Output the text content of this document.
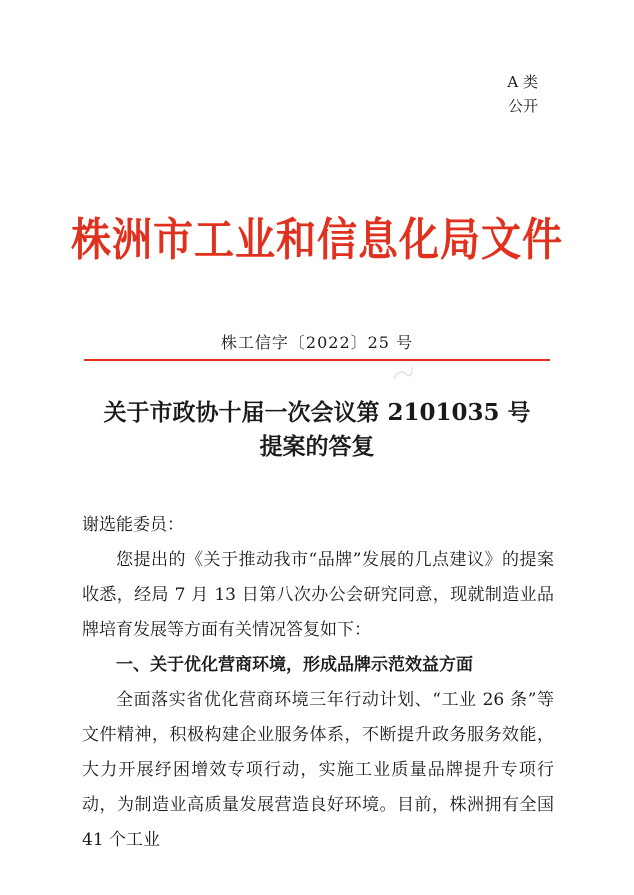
A 类
公开
株洲市工业和信息化局文件
株工信字〔2022〕25 号
关于市政协十届一次会议第 2101035 号
提案的答复

谢选能委员：

您提出的《关于推动我市“品牌”发展的几点建议》的提案收悉，经局 7 月 13 日第八次办公会研究同意，现就制造业品牌培育发展等方面有关情况答复如下：

一、关于优化营商环境，形成品牌示范效益方面

全面落实省优化营商环境三年行动计划、“工业 26 条”等文件精神，积极构建企业服务体系，不断提升政务服务效能，大力开展纾困增效专项行动，实施工业质量品牌提升专项行动，为制造业高质量发展营造良好环境。目前，株洲拥有全国 41 个工业
